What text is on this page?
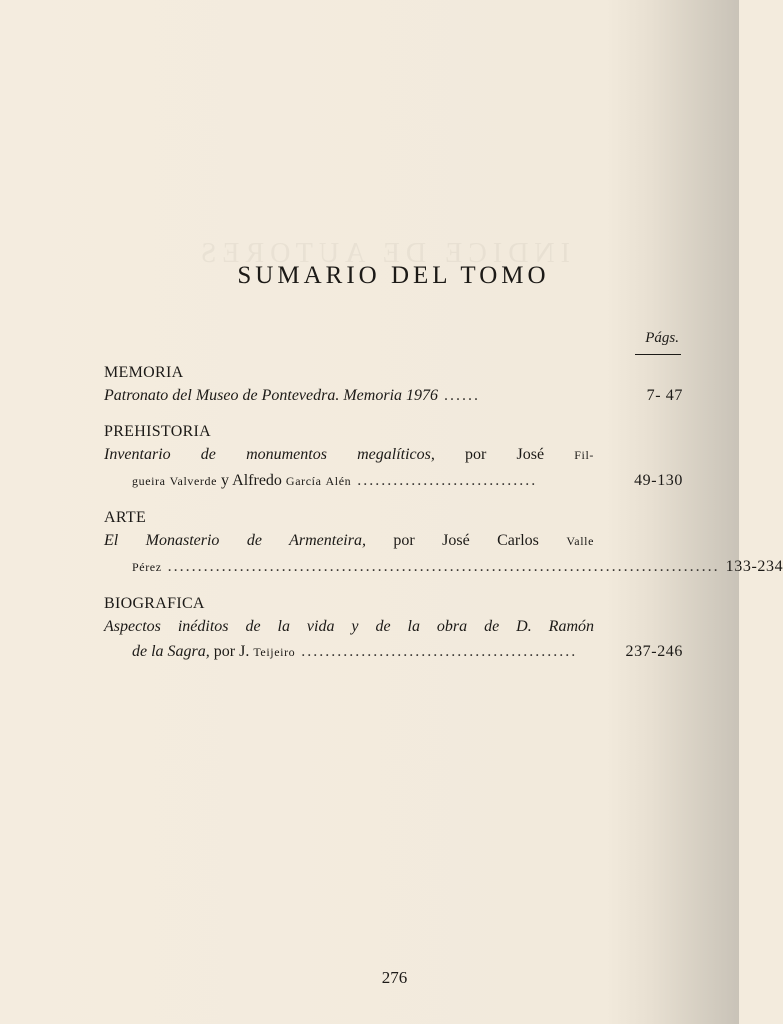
INDICE DE AUTORES
SUMARIO DEL TOMO
Págs.
MEMORIA
Patronato del Museo de Pontevedra. Memoria 1976 ......	7- 47
PREHISTORIA
Inventario de monumentos megalíticos, por José Fil-
gueira Valverde y Alfredo García Alén ..............................	49-130
ARTE
El Monasterio de Armenteira, por José Carlos Valle
Pérez ............................................................................................ 133-234
BIOGRAFICA
Aspectos inéditos de la vida y de la obra de D. Ramón
de la Sagra, por J. Teijeiro ..............................................	237-246
276
